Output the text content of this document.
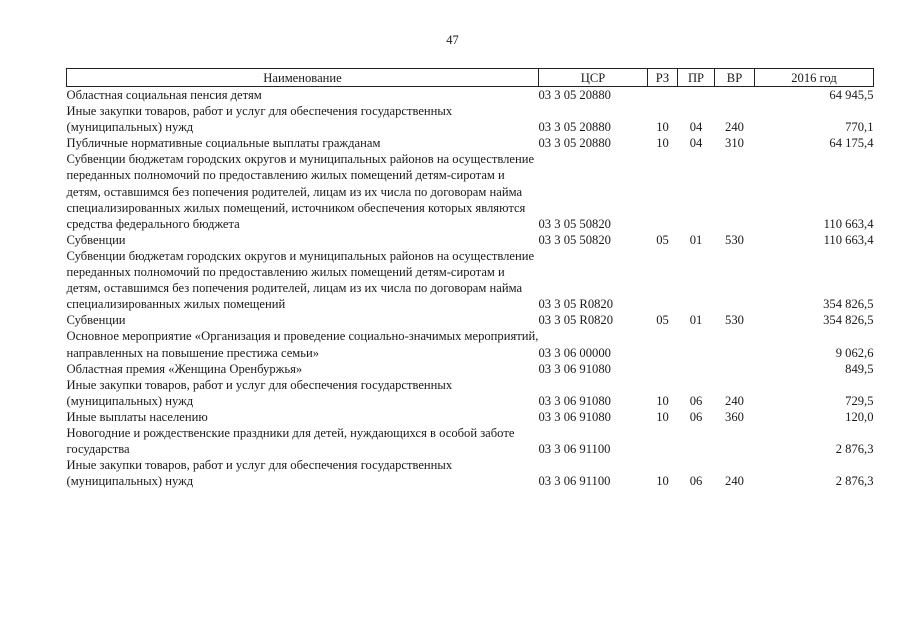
47
Наименование	ЦСР	РЗ	ПР	ВР	2016 год
Областная социальная пенсия детям	03 3 05 20880				64 945,5
Иные закупки товаров, работ и услуг для обеспечения государственных (муниципальных) нужд	03 3 05 20880	10	04	240	770,1
Публичные нормативные социальные выплаты гражданам	03 3 05 20880	10	04	310	64 175,4
Субвенции бюджетам городских округов и муниципальных районов на осуществление переданных полномочий по предоставлению жилых помещений детям-сиротам и детям, оставшимся без попечения родителей, лицам из их числа по договорам найма специализированных жилых помещений, источником обеспечения которых являются средства федерального бюджета	03 3 05 50820				110 663,4
Субвенции	03 3 05 50820	05	01	530	110 663,4
Субвенции бюджетам городских округов и муниципальных районов на осуществление переданных полномочий по предоставлению жилых помещений детям-сиротам и детям, оставшимся без попечения родителей, лицам из их числа по договорам найма специализированных жилых помещений	03 3 05 R0820				354 826,5
Субвенции	03 3 05 R0820	05	01	530	354 826,5
Основное мероприятие «Организация и проведение социально-значимых мероприятий, направленных на повышение престижа семьи»	03 3 06 00000				9 062,6
Областная премия «Женщина Оренбуржья»	03 3 06 91080				849,5
Иные закупки товаров, работ и услуг для обеспечения государственных (муниципальных) нужд	03 3 06 91080	10	06	240	729,5
Иные выплаты населению	03 3 06 91080	10	06	360	120,0
Новогодние и рождественские праздники для детей, нуждающихся в особой заботе государства	03 3 06 91100				2 876,3
Иные закупки товаров, работ и услуг для обеспечения государственных (муниципальных) нужд	03 3 06 91100	10	06	240	2 876,3
